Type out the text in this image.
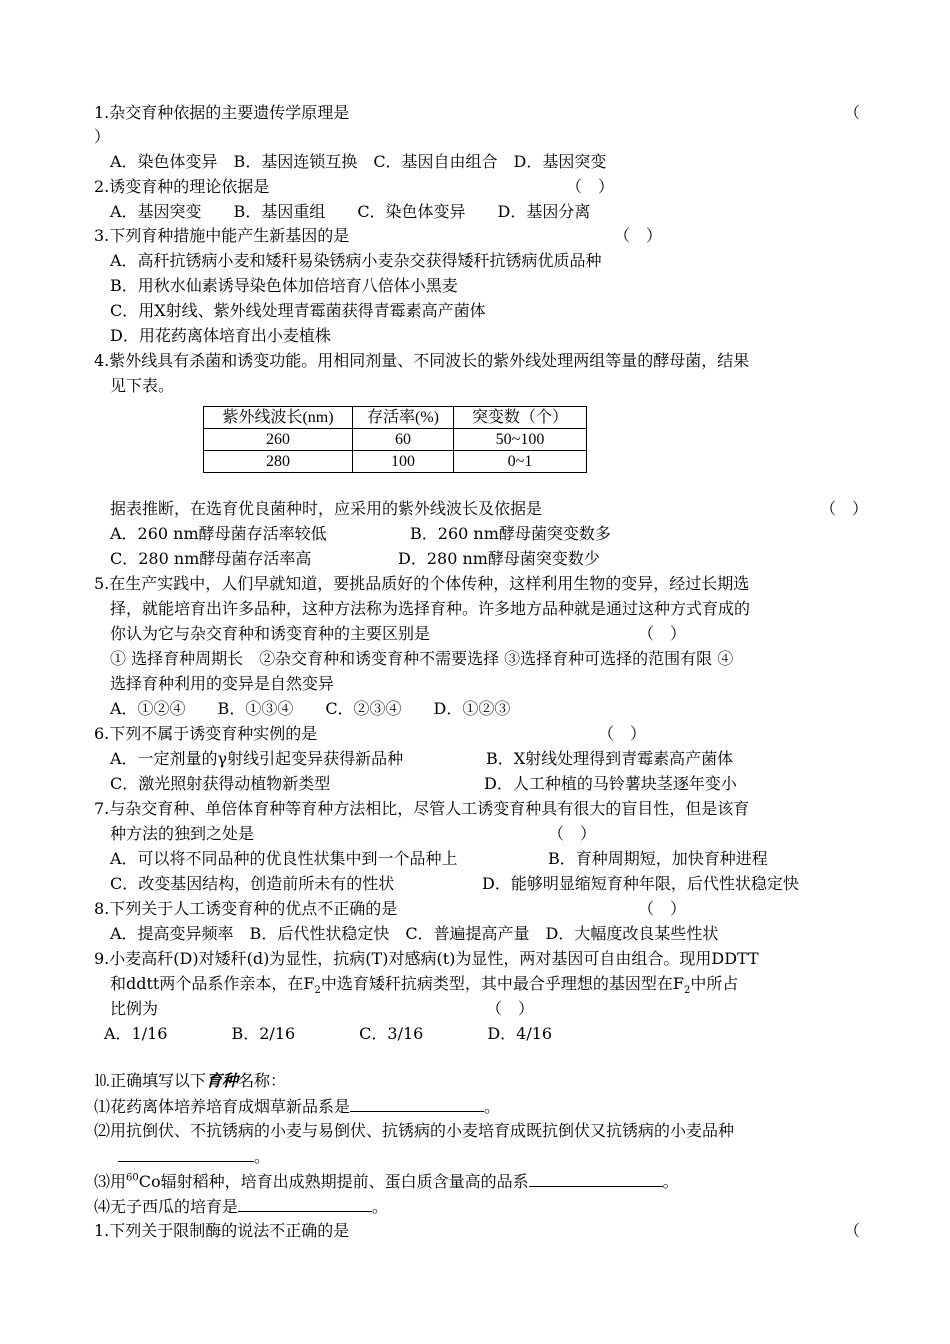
1.杂交育种依据的主要遗传学原理是	（
）
A．染色体变异　B．基因连锁互换　C．基因自由组合　D．基因突变
2.诱变育种的理论依据是	（　）
A．基因突变　　B．基因重组　　C．染色体变异　　D．基因分离
3.下列育种措施中能产生新基因的是	（　）
A．高秆抗锈病小麦和矮秆易染锈病小麦杂交获得矮秆抗锈病优质品种
B．用秋水仙素诱导染色体加倍培育八倍体小黑麦
C．用X射线、紫外线处理青霉菌获得青霉素高产菌体
D．用花药离体培育出小麦植株
4.紫外线具有杀菌和诱变功能。用相同剂量、不同波长的紫外线处理两组等量的酵母菌，结果
见下表。
紫外线波长(nm)	存活率(%)	突变数（个）
260	60	50~100
280	100	0~1
据表推断，在选育优良菌种时，应采用的紫外线波长及依据是	（　）
A．260 nm酵母菌存活率较低	B．260 nm酵母菌突变数多
C．280 nm酵母菌存活率高	D．280 nm酵母菌突变数少
5.在生产实践中，人们早就知道，要挑品质好的个体传种，这样利用生物的变异，经过长期选
择，就能培育出许多品种，这种方法称为选择育种。许多地方品种就是通过这种方式育成的
你认为它与杂交育种和诱变育种的主要区别是	（　）
① 选择育种周期长　②杂交育种和诱变育种不需要选择 ③选择育种可选择的范围有限 ④
选择育种利用的变异是自然变异
A．①②④　　B．①③④　　C．②③④　　D．①②③
6.下列不属于诱变育种实例的是	（　）
A．一定剂量的γ射线引起变异获得新品种	B．X射线处理得到青霉素高产菌体
C．激光照射获得动植物新类型	D．人工种植的马铃薯块茎逐年变小
7.与杂交育种、单倍体育种等育种方法相比，尽管人工诱变育种具有很大的盲目性，但是该育
种方法的独到之处是	（　）
A．可以将不同品种的优良性状集中到一个品种上	B．育种周期短，加快育种进程
C．改变基因结构，创造前所未有的性状	D．能够明显缩短育种年限，后代性状稳定快
8.下列关于人工诱变育种的优点不正确的是	（　）
A．提高变异频率　B．后代性状稳定快　C．普遍提高产量　D．大幅度改良某些性状
9.小麦高秆(D)对矮秆(d)为显性，抗病(T)对感病(t)为显性，两对基因可自由组合。现用DDTT
和ddtt两个品系作亲本，在$F_2$中选育矮秆抗病类型，其中最合乎理想的基因型在$F_2$中所占
比例为	（　）
A．1/16　　　　B．2/16　　　　C．3/16　　　　D．4/16
⒑正确填写以下育种名称：
⑴花药离体培养培育成烟草新品系是	。
⑵用抗倒伏、不抗锈病的小麦与易倒伏、抗锈病的小麦培育成既抗倒伏又抗锈病的小麦品种
。
⑶用$^{60}$Co辐射稻种，培育出成熟期提前、蛋白质含量高的品系	。
⑷无子西瓜的培育是	。
1.下列关于限制酶的说法不正确的是	（
